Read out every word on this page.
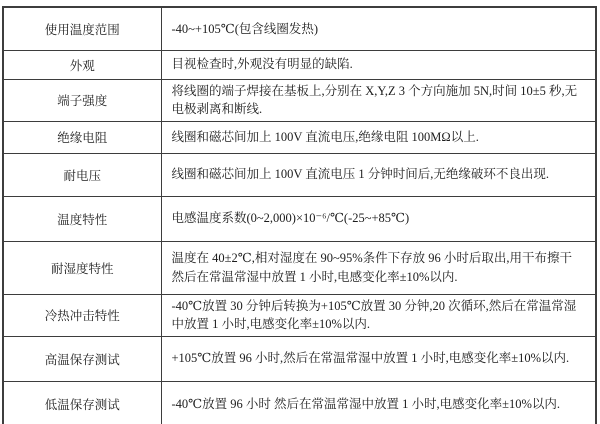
使用温度范围	-40~+105℃(包含线圈发热)
外观	目视检查时,外观没有明显的缺陷.
端子强度	将线圈的端子焊接在基板上,分别在 X,Y,Z 3 个方向施加 5N,时间 10±5 秒,无电极剥离和断线.
绝缘电阻	线圈和磁芯间加上 100V 直流电压,绝缘电阻 100MΩ以上.
耐电压	线圈和磁芯间加上 100V 直流电压 1 分钟时间后,无绝缘破环不良出现.
温度特性	电感温度系数(0~2,000)×10⁻⁶/℃(-25~+85℃)
耐湿度特性	温度在 40±2℃,相对湿度在 90~95%条件下存放 96 小时后取出,用干布擦干 然后在常温常湿中放置 1 小时,电感变化率±10%以内.
冷热冲击特性	-40℃放置 30 分钟后转换为+105℃放置 30 分钟,20 次循环,然后在常温常湿中放置 1 小时,电感变化率±10%以内.
高温保存测试	+105℃放置 96 小时,然后在常温常湿中放置 1 小时,电感变化率±10%以内.
低温保存测试	-40℃放置 96 小时 然后在常温常湿中放置 1 小时,电感变化率±10%以内.
